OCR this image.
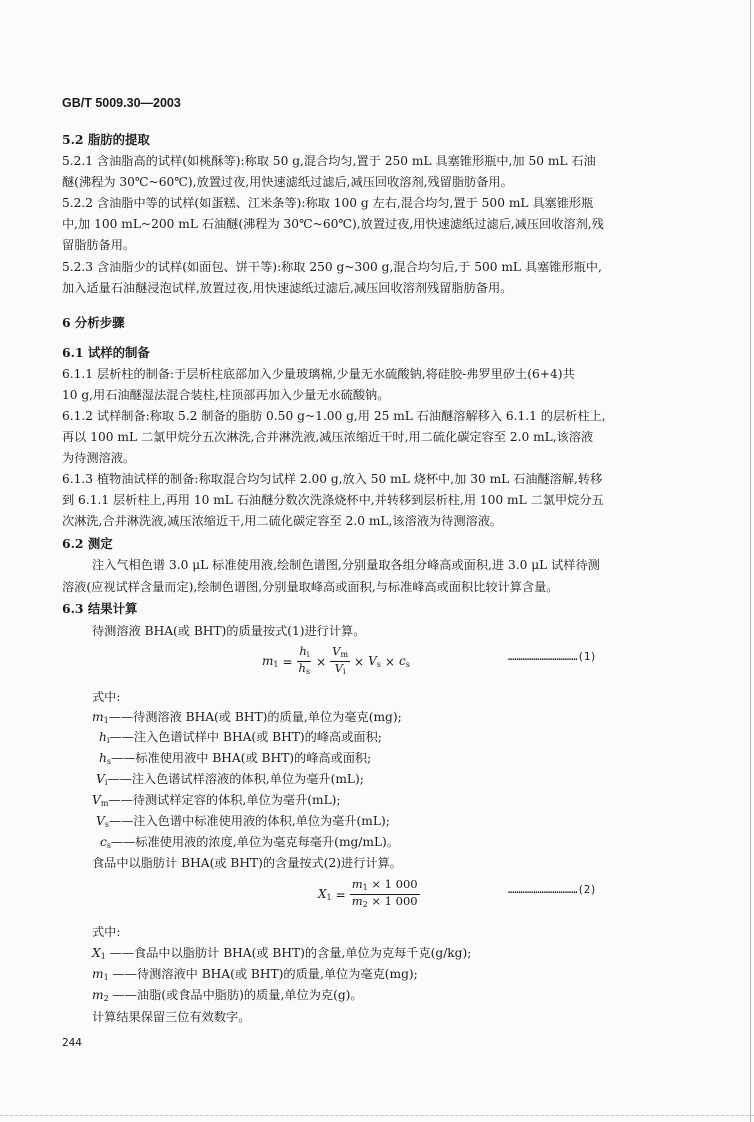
GB/T 5009.30—2003
5.2 脂肪的提取
5.2.1 含油脂高的试样(如桃酥等):称取 50 g,混合均匀,置于 250 mL 具塞锥形瓶中,加 50 mL 石油
醚(沸程为 30℃~60℃),放置过夜,用快速滤纸过滤后,减压回收溶剂,残留脂肪备用。
5.2.2 含油脂中等的试样(如蛋糕、江米条等):称取 100 g 左右,混合均匀,置于 500 mL 具塞锥形瓶
中,加 100 mL~200 mL 石油醚(沸程为 30℃~60℃),放置过夜,用快速滤纸过滤后,减压回收溶剂,残
留脂肪备用。
5.2.3 含油脂少的试样(如面包、饼干等):称取 250 g~300 g,混合均匀后,于 500 mL 具塞锥形瓶中,
加入适量石油醚浸泡试样,放置过夜,用快速滤纸过滤后,减压回收溶剂残留脂肪备用。
6 分析步骤
6.1 试样的制备
6.1.1 层析柱的制备:于层析柱底部加入少量玻璃棉,少量无水硫酸钠,将硅胶-弗罗里矽土(6+4)共
10 g,用石油醚湿法混合装柱,柱顶部再加入少量无水硫酸钠。
6.1.2 试样制备:称取 5.2 制备的脂肪 0.50 g~1.00 g,用 25 mL 石油醚溶解移入 6.1.1 的层析柱上,
再以 100 mL 二氯甲烷分五次淋洗,合并淋洗液,减压浓缩近干时,用二硫化碳定容至 2.0 mL,该溶液
为待测溶液。
6.1.3 植物油试样的制备:称取混合均匀试样 2.00 g,放入 50 mL 烧杯中,加 30 mL 石油醚溶解,转移
到 6.1.1 层析柱上,再用 10 mL 石油醚分数次洗涤烧杯中,并转移到层析柱,用 100 mL 二氯甲烷分五
次淋洗,合并淋洗液,减压浓缩近干,用二硫化碳定容至 2.0 mL,该溶液为待测溶液。
6.2 测定
注入气相色谱 3.0 μL 标准使用液,绘制色谱图,分别量取各组分峰高或面积,进 3.0 μL 试样待测
溶液(应视试样含量而定),绘制色谱图,分别量取峰高或面积,与标准峰高或面积比较计算含量。
6.3 结果计算
待测溶液 BHA(或 BHT)的质量按式(1)进行计算。
$m_1 = \frac{h_i}{h_s} \times \frac{V_m}{V_i} \times V_s \times c_s$
……………………………(1)
式中:
$m_1——$待测溶液 BHA(或 BHT)的质量,单位为毫克(mg);
$h_i——$注入色谱试样中 BHA(或 BHT)的峰高或面积;
$h_s——$标准使用液中 BHA(或 BHT)的峰高或面积;
$V_i——$注入色谱试样溶液的体积,单位为毫升(mL);
$V_m——$待测试样定容的体积,单位为毫升(mL);
$V_s——$注入色谱中标准使用液的体积,单位为毫升(mL);
$c_s——$标准使用液的浓度,单位为毫克每毫升(mg/mL)。
食品中以脂肪计 BHA(或 BHT)的含量按式(2)进行计算。
$X_1 = \frac{m_1 \times 1 000}{m_2 \times 1 000}$	……………………………(2)
式中:
$X_1$ ——食品中以脂肪计 BHA(或 BHT)的含量,单位为克每千克(g/kg);
$m_1$ ——待测溶液中 BHA(或 BHT)的质量,单位为毫克(mg);
$m_2$ ——油脂(或食品中脂肪)的质量,单位为克(g)。
计算结果保留三位有效数字。
244
